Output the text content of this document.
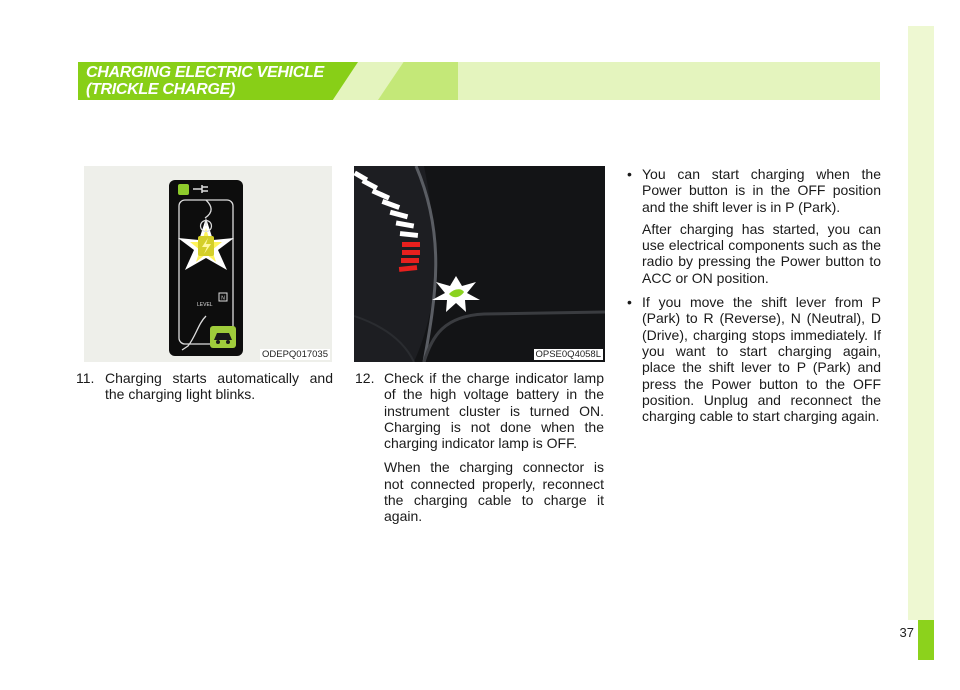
37
CHARGING ELECTRIC VEHICLE
(TRICKLE CHARGE)
N
LEVEL
ODEPQ017035	OPSE0Q4058L

11. Charging starts automatically and the charging light blinks.

12. Check if the charge indicator lamp of the high voltage battery in the instrument cluster is turned ON. Charging is not done when the charging indicator lamp is OFF.

When the charging connector is not connected properly, reconnect the charging cable to charge it again.

• You can start charging when the Power button is in the OFF position and the shift lever is in P (Park).

After charging has started, you can use electrical components such as the radio by pressing the Power button to ACC or ON position.

• If you move the shift lever from P (Park) to R (Reverse), N (Neutral), D (Drive), charging stops immediately. If you want to start charging again, place the shift lever to P (Park) and press the Power button to the OFF position. Unplug and reconnect the charging cable to start charging again.
